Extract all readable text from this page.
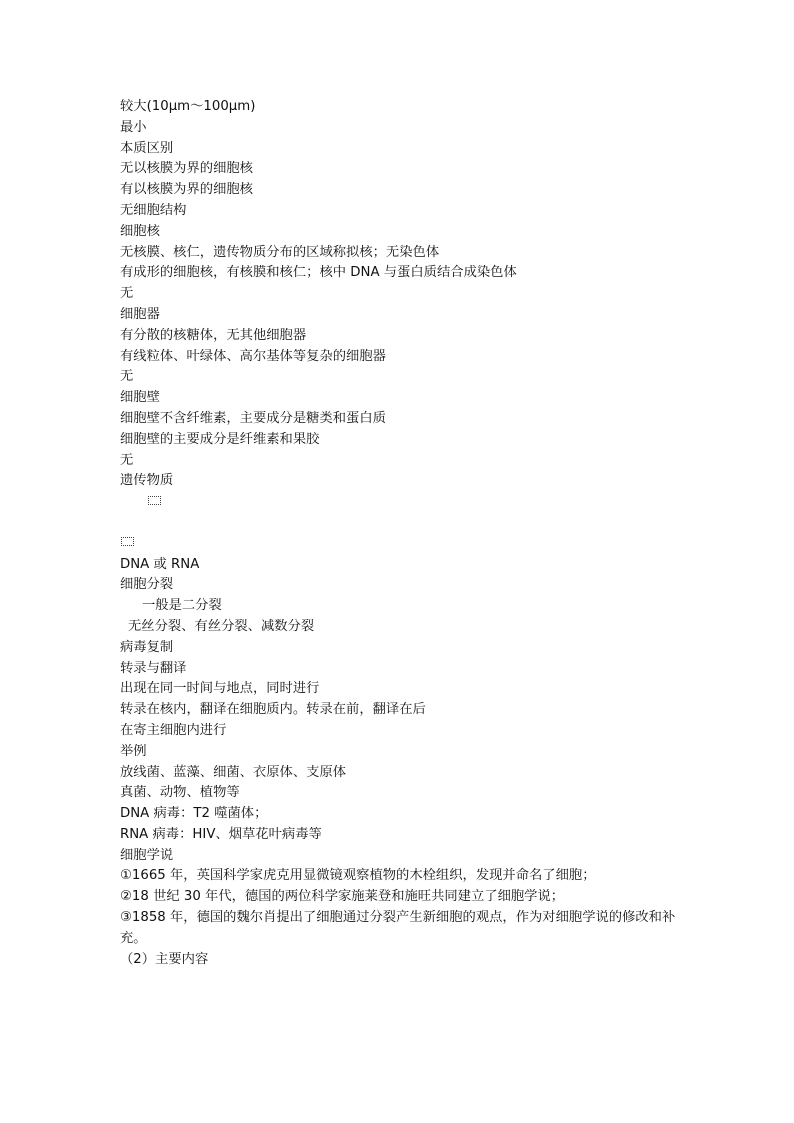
较大(10μm～100μm)

最小

本质区别

无以核膜为界的细胞核

有以核膜为界的细胞核

无细胞结构

细胞核

无核膜、核仁，遗传物质分布的区域称拟核；无染色体

有成形的细胞核，有核膜和核仁；核中 DNA 与蛋白质结合成染色体

无

细胞器

有分散的核糖体，无其他细胞器

有线粒体、叶绿体、高尔基体等复杂的细胞器

无

细胞壁

细胞壁不含纤维素，主要成分是糖类和蛋白质

细胞壁的主要成分是纤维素和果胶

无

遗传物质

DNA 或 RNA

细胞分裂

一般是二分裂

无丝分裂、有丝分裂、减数分裂

病毒复制

转录与翻译

出现在同一时间与地点，同时进行

转录在核内，翻译在细胞质内。转录在前，翻译在后

在寄主细胞内进行

举例

放线菌、蓝藻、细菌、衣原体、支原体

真菌、动物、植物等

DNA 病毒：T2 噬菌体；

RNA 病毒：HIV、烟草花叶病毒等

细胞学说

①1665 年，英国科学家虎克用显微镜观察植物的木栓组织，发现并命名了细胞；

②18 世纪 30 年代，德国的两位科学家施莱登和施旺共同建立了细胞学说；

③1858 年，德国的魏尔肖提出了细胞通过分裂产生新细胞的观点，作为对细胞学说的修改和补充。

（2）主要内容
